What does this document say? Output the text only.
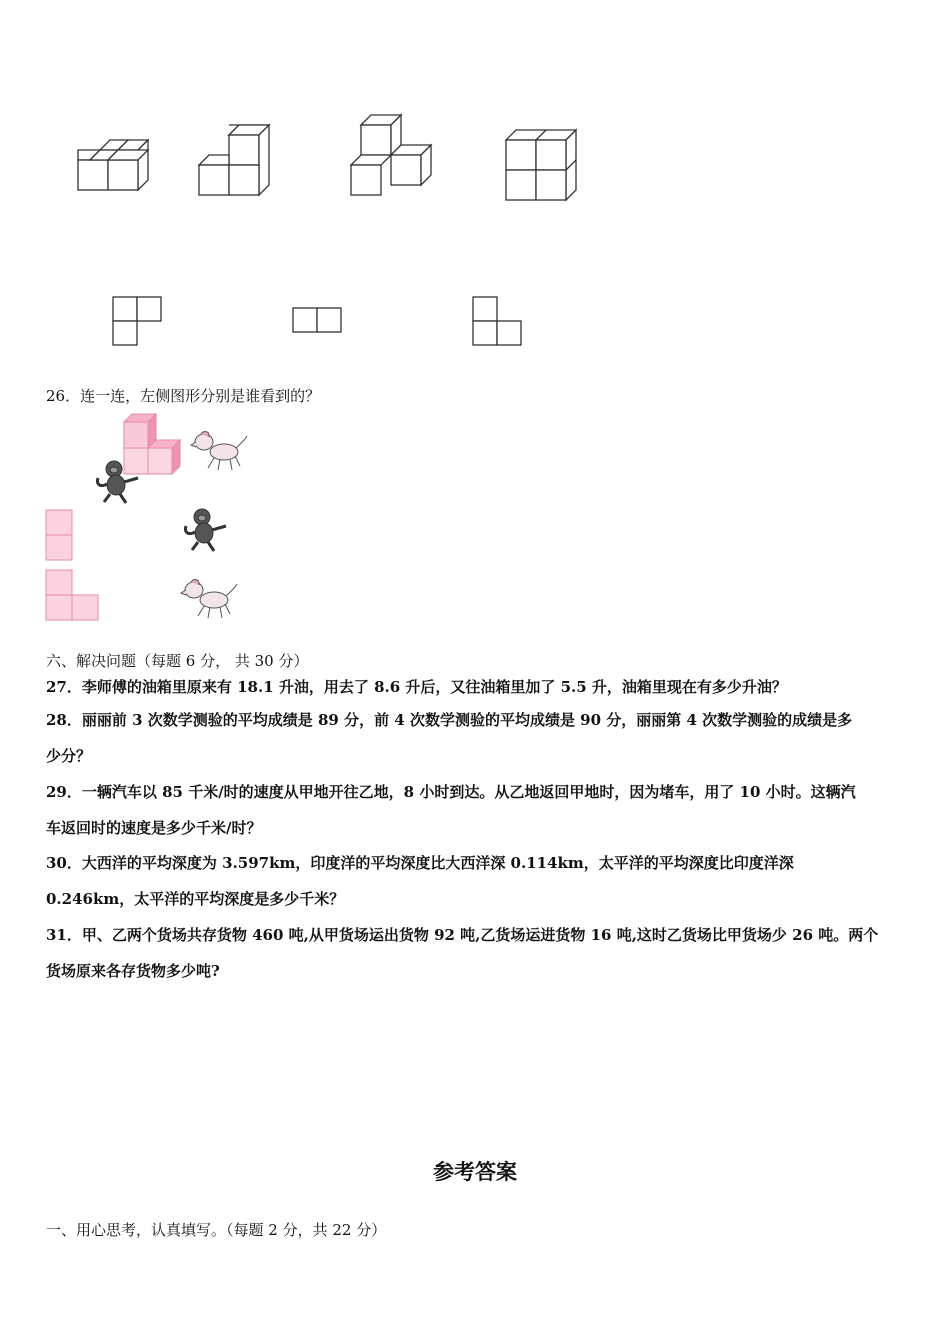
26．连一连，左侧图形分别是谁看到的？
六、解决问题（每题 6 分， 共 30 分）
27．李师傅的油箱里原来有 18.1 升油，用去了 8.6 升后，又往油箱里加了 5.5 升，油箱里现在有多少升油？
28．丽丽前 3 次数学测验的平均成绩是 89 分，前 4 次数学测验的平均成绩是 90 分，丽丽第 4 次数学测验的成绩是多
少分？
29．一辆汽车以 85 千米/时的速度从甲地开往乙地，8 小时到达。从乙地返回甲地时，因为堵车，用了 10 小时。这辆汽
车返回时的速度是多少千米/时？
30．大西洋的平均深度为 3.597km，印度洋的平均深度比大西洋深 0.114km，太平洋的平均深度比印度洋深
0.246km，太平洋的平均深度是多少千米？
31．甲、乙两个货场共存货物 460 吨,从甲货场运出货物 92 吨,乙货场运进货物 16 吨,这时乙货场比甲货场少 26 吨。两个
货场原来各存货物多少吨?
参考答案
一、用心思考，认真填写。（每题 2 分，共 22 分）
